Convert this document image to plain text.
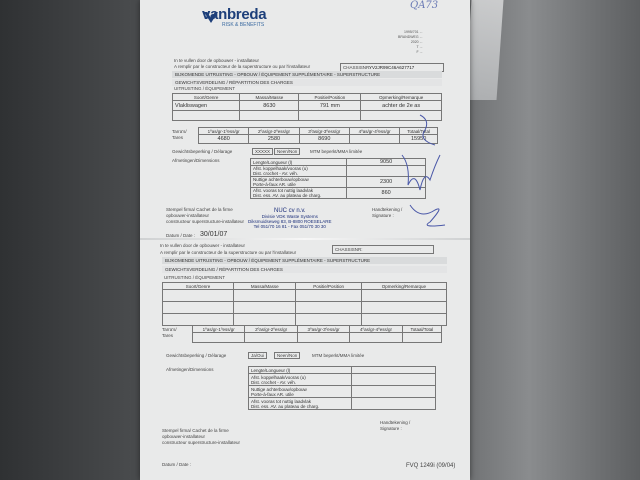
vanbreda
RISK & BENEFITS
QA73
1995/701 ...
BRANDWEG ...
2020 ...
T ...
F ...
In te vullen door de opbouwer - installateur
A remplir par le constructeur de la superstructure ou par l'installateur	CHASSISNR:
YV2JR99C46A627717
BIJKOMENDE UITRUSTING - OPBOUW / ÉQUIPEMENT SUPPLÉMENTAIRE - SUPERSTRUCTURE
GEWICHTSVERDELING / RÉPARTITION DES CHARGES
UITRUSTING / ÉQUIPEMENT
Soort/Genre	Massa/Masse	Positie/Position	Opmerking/Remarque
Vlakliswagen	8630	791 mm	achter de 2e as

Tarra's/ Tares
1ºas/gr-1ºess/gr	2ºas/gr-2ºess/gr	3ºas/gr-3ºess/gr	4ºas/gr-4ºess/gr	Totaal/Total
4680	2580	8690		15950
Gewichtsbeperking / Délarage	XXXXX	Neen/Non	MTM beperkt/MMA limitée
Afmetingen/Dimensions	Lengte/Longueur (l)	9050

Afst. koppelhaak/vooras (u)
Dist. crochet - AV. véh.	

Nuttige achterbouw/opbouw
Porte-à-faux AR. utile	2300

Afst. vooras tot nuttig laadvlak
Dist. ess. AV. au plateau de charg.	860
Stempel firma/ Cachet de la firme
opbouwer-installateur
constructeur superstructure-installateur
NUC cv n.v.
Divisie VDK Waste Systems
Diksmuidseweg 83, B-8800 ROESELARE
Tel 051/70 16 81 - Fax 051/70 30 30
Handtekening /
Signature :
Datum / Date : 30/01/07
In te vullen door de opbouwer - installateur
A remplir par le constructeur de la superstructure ou par l'installateur
CHASSISNR:
BIJKOMENDE UITRUSTING - OPBOUW / ÉQUIPEMENT SUPPLÉMENTAIRE - SUPERSTRUCTURE
GEWICHTSVERDELING / RÉPARTITION DES CHARGES
UITRUSTING / ÉQUIPEMENT
Soort/Genre	Massa/Masse	Positie/Position	Opmerking/Remarque

Tarra's/ Tares
1ºas/gr-1ºess/gr	2ºas/gr-2ºess/gr	3ºas/gr-3ºess/gr	4ºas/gr-4ºess/gr	Totaal/Total

Gewichtsbeperking / Délarage	Ja/Oui	Neen/Non	MTM beperkt/MMA limitée
Afmetingen/Dimensions	Lengte/Longueur (l)	

Afst. koppelhaak/vooras (u)
Dist. crochet - AV. véh.	

Nuttige achterbouw/opbouw
Porte-à-faux AR. utile	

Afst. vooras tot nuttig laadvlak
Dist. ess. AV. au plateau de charg.	

Stempel firma/ Cachet de la firme
opbouwer-installateur
constructeur superstructure-installateur
Handtekening /
Signature :
Datum / Date :	FVQ 1249i (09/04)
